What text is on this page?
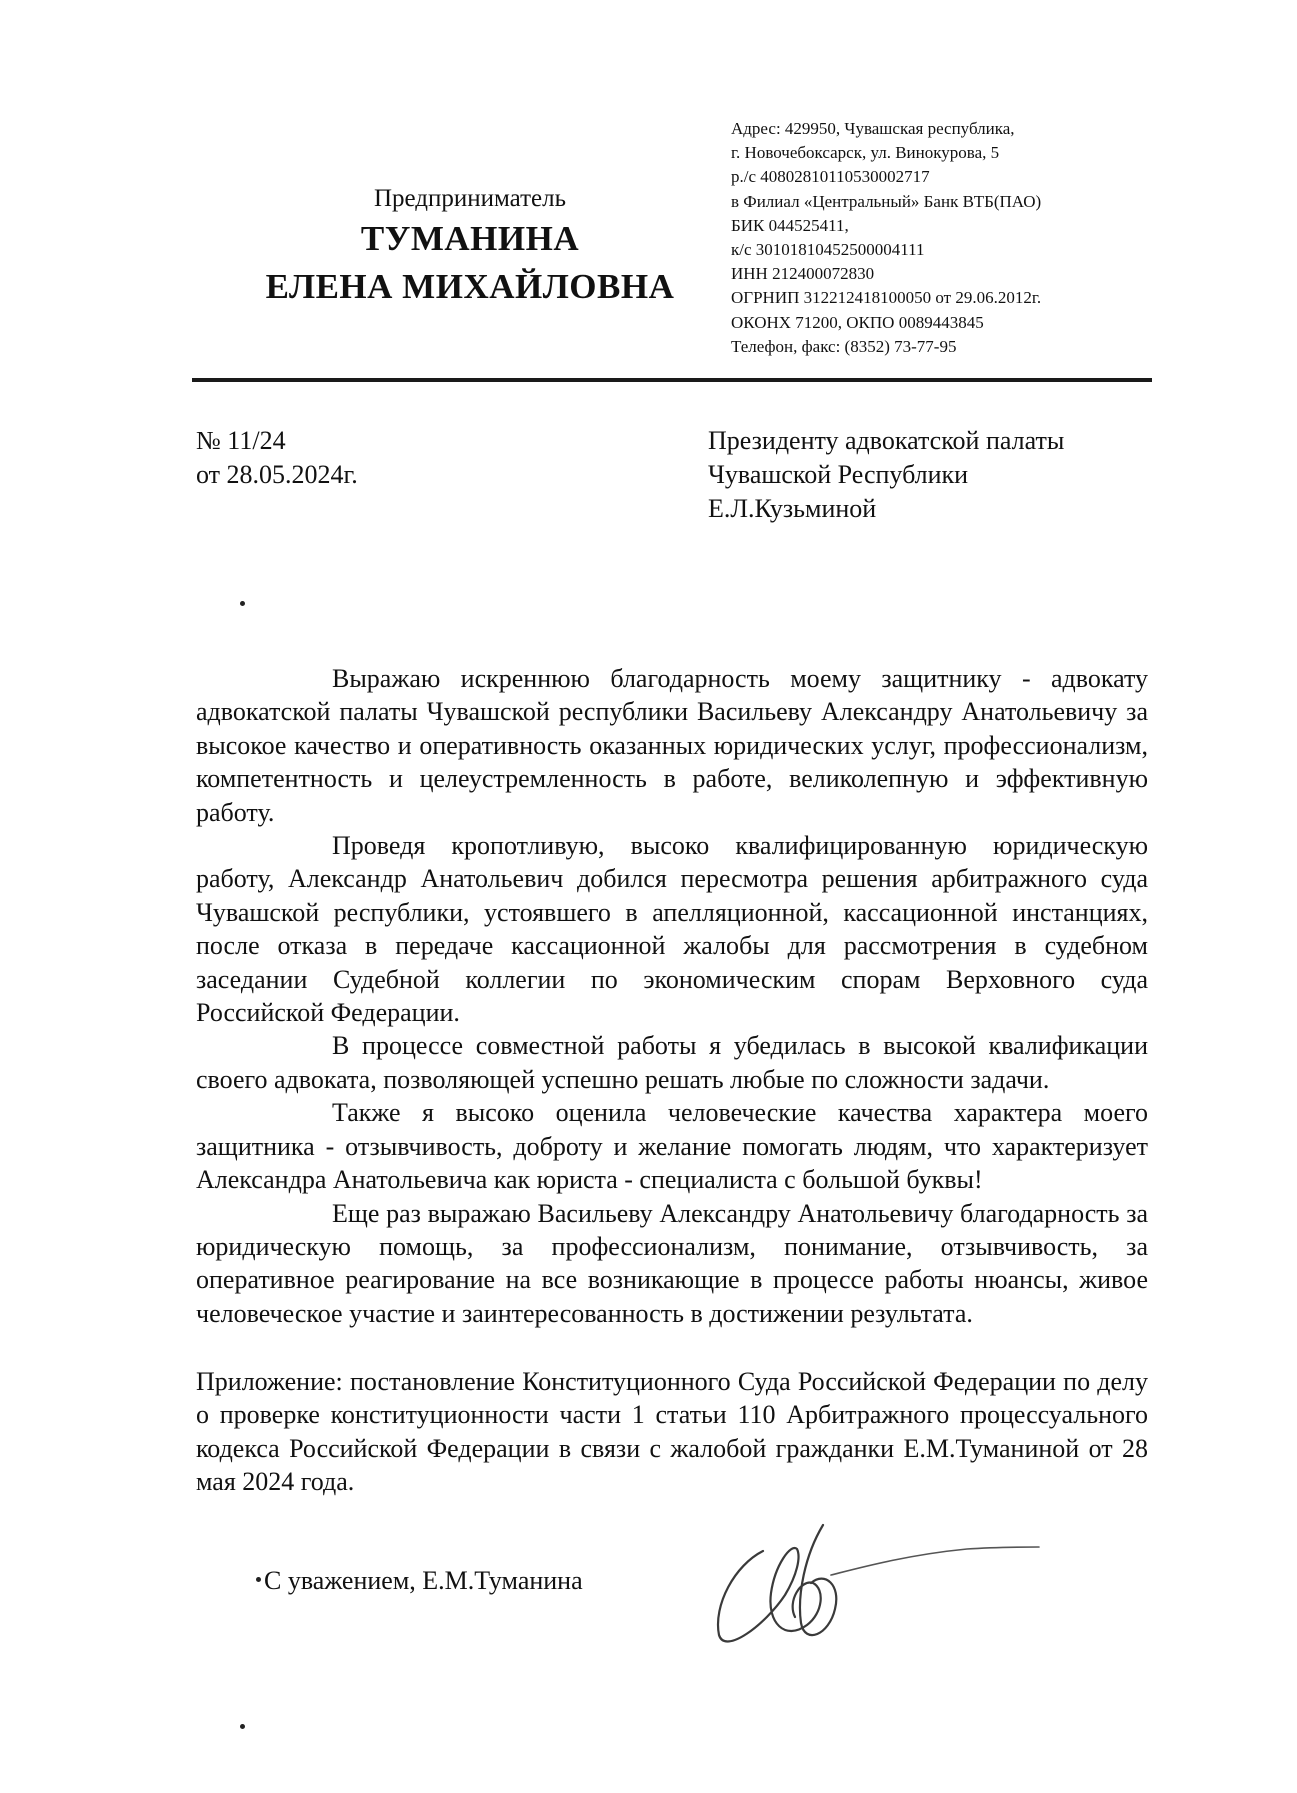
Предприниматель
ТУМАНИНА
ЕЛЕНА МИХАЙЛОВНА
Адрес: 429950, Чувашская республика,
г. Новочебоксарск, ул. Винокурова, 5
р./с 40802810110530002717
в Филиал «Центральный» Банк ВТБ(ПАО)
БИК 044525411,
к/с 30101810452500004111
ИНН 212400072830
ОГРНИП 312212418100050 от 29.06.2012г.
ОКОНХ 71200, ОКПО 0089443845
Телефон, факс: (8352) 73-77-95
№ 11/24
от 28.05.2024г.
Президенту адвокатской палаты
Чувашской Республики
Е.Л.Кузьминой

Выражаю искреннюю благодарность моему защитнику - адвокату адвокатской палаты Чувашской республики Васильеву Александру Анатольевичу за высокое качество и оперативность оказанных юридических услуг, профессионализм, компетентность и целеустремленность в работе, великолепную и эффективную работу.

Проведя кропотливую, высоко квалифицированную юридическую работу, Александр Анатольевич добился пересмотра решения арбитражного суда Чувашской республики, устоявшего в апелляционной, кассационной инстанциях, после отказа в передаче кассационной жалобы для рассмотрения в судебном заседании Судебной коллегии по экономическим спорам Верховного суда Российской Федерации.

В процессе совместной работы я убедилась в высокой квалификации своего адвоката, позволяющей успешно решать любые по сложности задачи.

Также я высоко оценила человеческие качества характера моего защитника - отзывчивость, доброту и желание помогать людям, что характеризует Александра Анатольевича как юриста - специалиста с большой буквы!

Еще раз выражаю Васильеву Александру Анатольевичу благодарность за юридическую помощь, за профессионализм, понимание, отзывчивость, за оперативное реагирование на все возникающие в процессе работы нюансы, живое человеческое участие и заинтересованность в достижении результата.

Приложение: постановление Конституционного Суда Российской Федерации по делу о проверке конституционности части 1 статьи 110 Арбитражного процессуального кодекса Российской Федерации в связи с жалобой гражданки Е.М.Туманиной от 28 мая 2024 года.
С уважением, Е.М.Туманина
